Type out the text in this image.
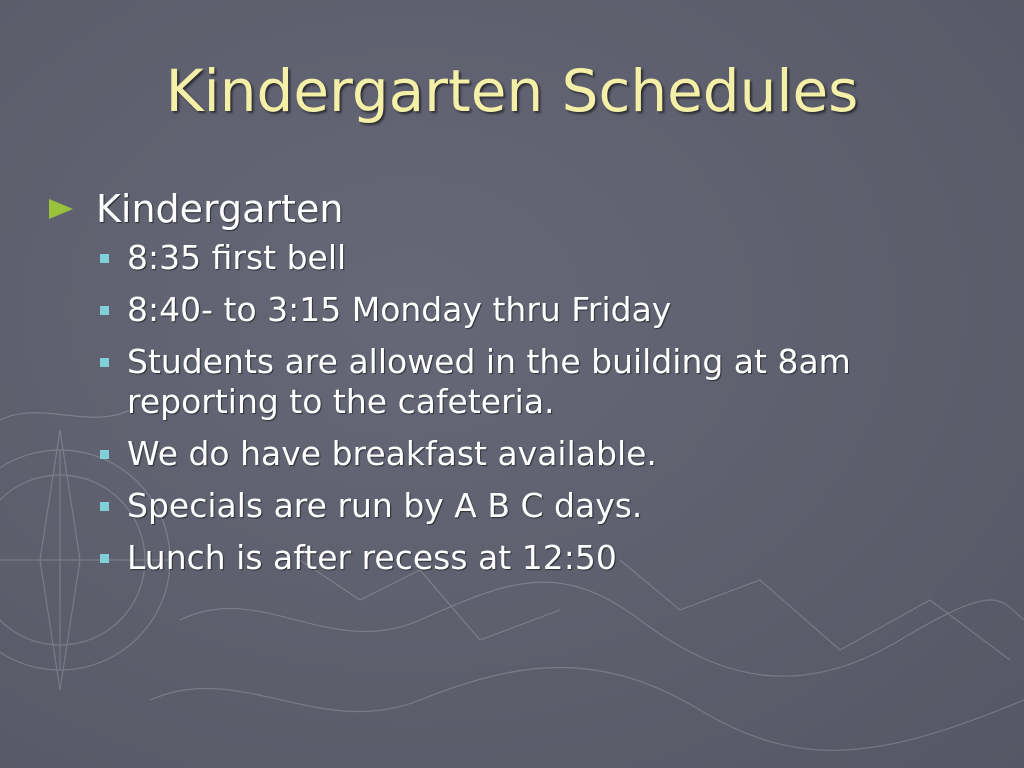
Kindergarten Schedules
Kindergarten
8:35 first bell
8:40- to 3:15 Monday thru Friday
Students are allowed in the building at 8am reporting to the cafeteria.
We do have breakfast available.
Specials are run by A B C days.
Lunch is after recess at 12:50
